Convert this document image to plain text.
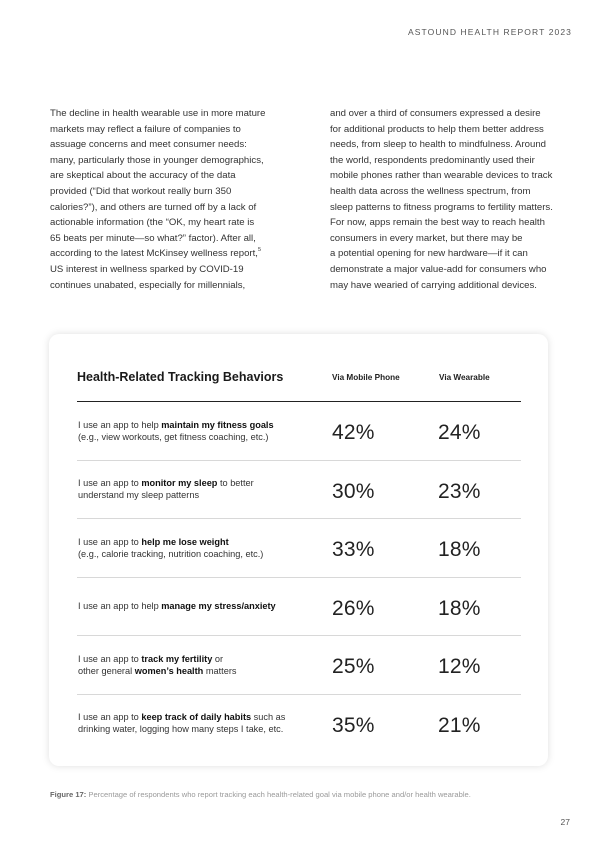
ASTOUND HEALTH REPORT 2023

The decline in health wearable use in more mature
markets may reflect a failure of companies to
assuage concerns and meet consumer needs:
many, particularly those in younger demographics,
are skeptical about the accuracy of the data
provided (“Did that workout really burn 350
calories?”), and others are turned off by a lack of
actionable information (the “OK, my heart rate is
65 beats per minute—so what?” factor). After all,
according to the latest McKinsey wellness report,$^5$
US interest in wellness sparked by COVID-19
continues unabated, especially for millennials,

and over a third of consumers expressed a desire
for additional products to help them better address
needs, from sleep to health to mindfulness. Around
the world, respondents predominantly used their
mobile phones rather than wearable devices to track
health data across the wellness spectrum, from
sleep patterns to fitness programs to fertility matters.
For now, apps remain the best way to reach health
consumers in every market, but there may be
a potential opening for new hardware—if it can
demonstrate a major value-add for consumers who
may have wearied of carrying additional devices.

Health-Related Tracking Behaviors	Via Mobile Phone	Via Wearable
I use an app to help maintain my fitness goals
(e.g., view workouts, get fitness coaching, etc.)	42%	24%
I use an app to monitor my sleep to better
understand my sleep patterns	30%	23%
I use an app to help me lose weight
(e.g., calorie tracking, nutrition coaching, etc.)	33%	18%
I use an app to help manage my stress/anxiety	26%	18%
I use an app to track my fertility or
other general women’s health matters	25%	12%
I use an app to keep track of daily habits such as
drinking water, logging how many steps I take, etc. 35%	21%
Figure 17: Percentage of respondents who report tracking each health-related goal via mobile phone and/or health wearable.
27
